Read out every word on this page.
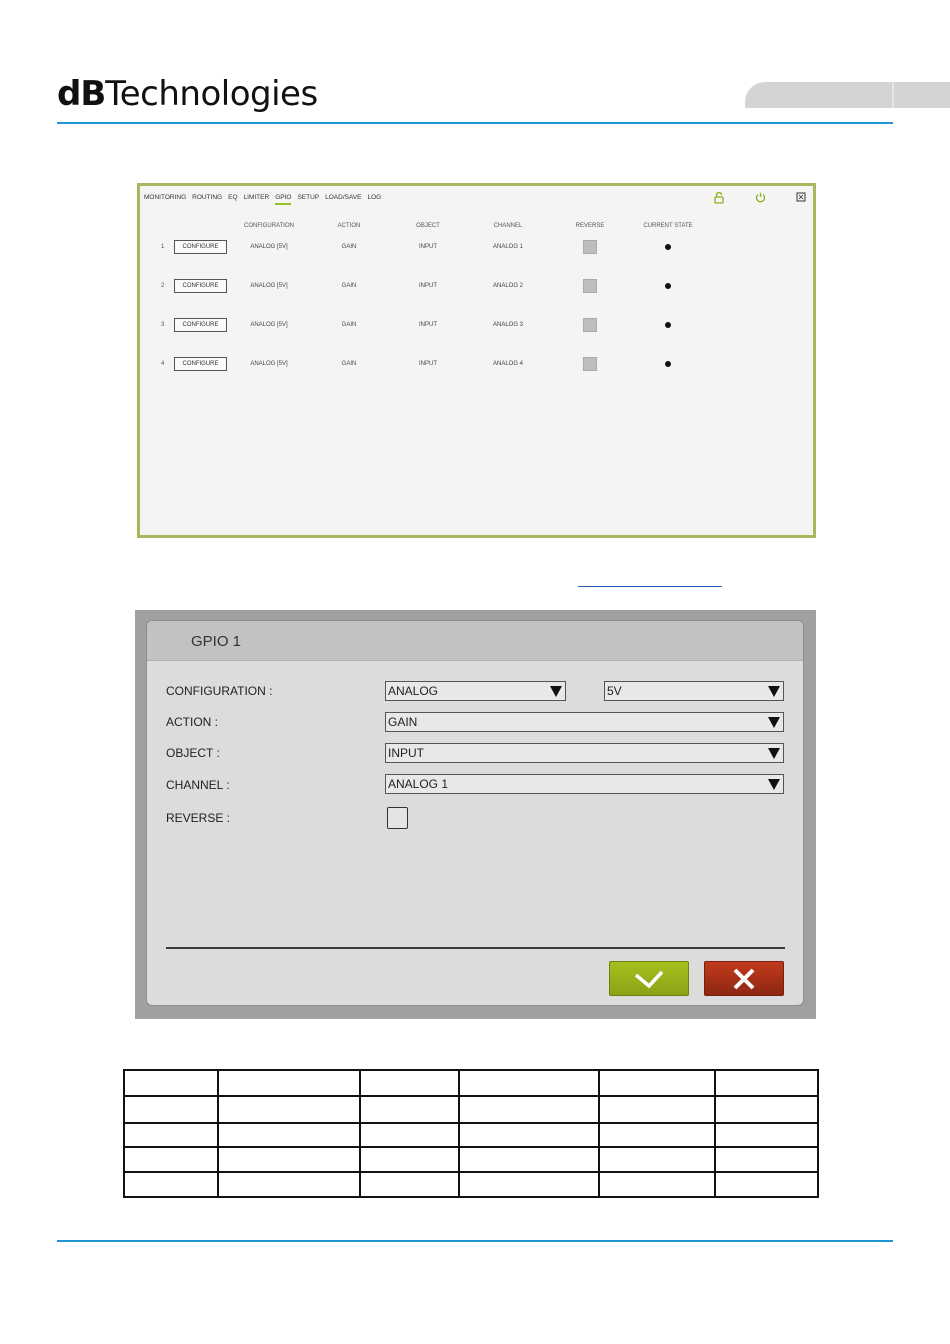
dBTechnologies
MONITORING ROUTING EQ LIMITER GPIO SETUP LOAD/SAVE LOG
CONFIGURATION	ACTION	OBJECT	CHANNEL	REVERSE	CURRENT STATE
1	CONFIGURE	ANALOG [5V]	GAIN	INPUT	ANALOG 1
2	CONFIGURE	ANALOG [5V]	GAIN	INPUT	ANALOG 2
3	CONFIGURE	ANALOG [5V]	GAIN	INPUT	ANALOG 3
4	CONFIGURE	ANALOG [5V]	GAIN	INPUT	ANALOG 4
GPIO 1
CONFIGURATION :	ANALOG	5V
ACTION :	GAIN
OBJECT :	INPUT
CHANNEL :	ANALOG 1
REVERSE :
